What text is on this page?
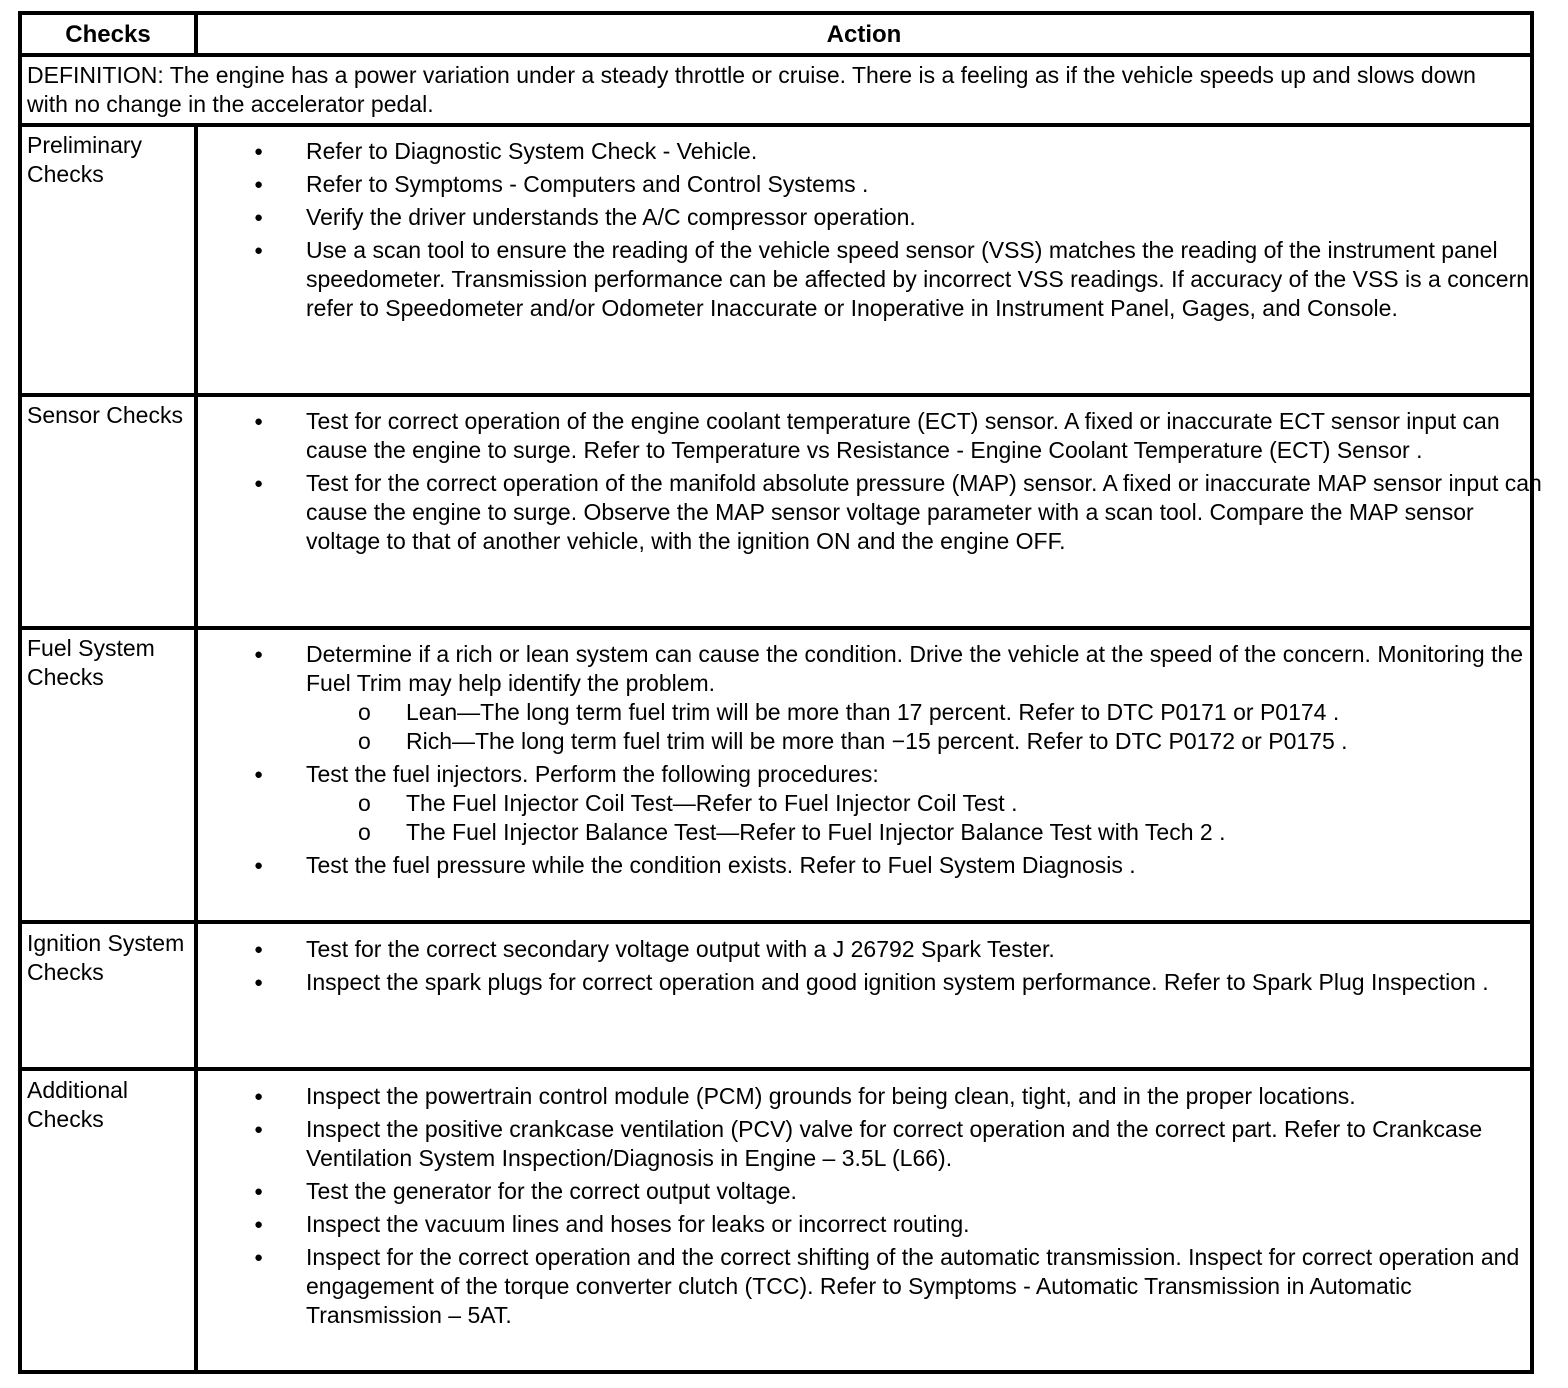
Checks	Action
DEFINITION: The engine has a power variation under a steady throttle or cruise. There is a feeling as if the vehicle speeds up and slows down with no change in the accelerator pedal.
Preliminary Checks
● Refer to Diagnostic System Check - Vehicle.
● Refer to Symptoms - Computers and Control Systems .
● Verify the driver understands the A/C compressor operation.
● Use a scan tool to ensure the reading of the vehicle speed sensor (VSS) matches the reading of the instrument panel speedometer. Transmission performance can be affected by incorrect VSS readings. If accuracy of the VSS is a concern, refer to Speedometer and/or Odometer Inaccurate or Inoperative in Instrument Panel, Gages, and Console.
Sensor Checks
●	Test for correct operation of the engine coolant temperature (ECT) sensor. A fixed or inaccurate ECT sensor input can cause the engine to surge. Refer to Temperature vs Resistance - Engine Coolant Temperature (ECT) Sensor .
● Test for the correct operation of the manifold absolute pressure (MAP) sensor. A fixed or inaccurate MAP sensor input can cause the engine to surge. Observe the MAP sensor voltage parameter with a scan tool. Compare the MAP sensor voltage to that of another vehicle, with the ignition ON and the engine OFF.
Fuel System Checks
● Determine if a rich or lean system can cause the condition. Drive the vehicle at the speed of the concern. Monitoring the Fuel Trim may help identify the problem.
o Lean—The long term fuel trim will be more than 17 percent. Refer to DTC P0171 or P0174 .
o Rich—The long term fuel trim will be more than −15 percent. Refer to DTC P0172 or P0175 .
● Test the fuel injectors. Perform the following procedures:
o The Fuel Injector Coil Test—Refer to Fuel Injector Coil Test .
o The Fuel Injector Balance Test—Refer to Fuel Injector Balance Test with Tech 2 .
● Test the fuel pressure while the condition exists. Refer to Fuel System Diagnosis .
Ignition System Checks
● Test for the correct secondary voltage output with a J 26792 Spark Tester.
● Inspect the spark plugs for correct operation and good ignition system performance. Refer to Spark Plug Inspection .
Additional Checks
● Inspect the powertrain control module (PCM) grounds for being clean, tight, and in the proper locations.
● Inspect the positive crankcase ventilation (PCV) valve for correct operation and the correct part. Refer to Crankcase Ventilation System Inspection/Diagnosis in Engine – 3.5L (L66).
● Test the generator for the correct output voltage.
● Inspect the vacuum lines and hoses for leaks or incorrect routing.
● Inspect for the correct operation and the correct shifting of the automatic transmission. Inspect for correct operation and engagement of the torque converter clutch (TCC). Refer to Symptoms - Automatic Transmission in Automatic Transmission – 5AT.
